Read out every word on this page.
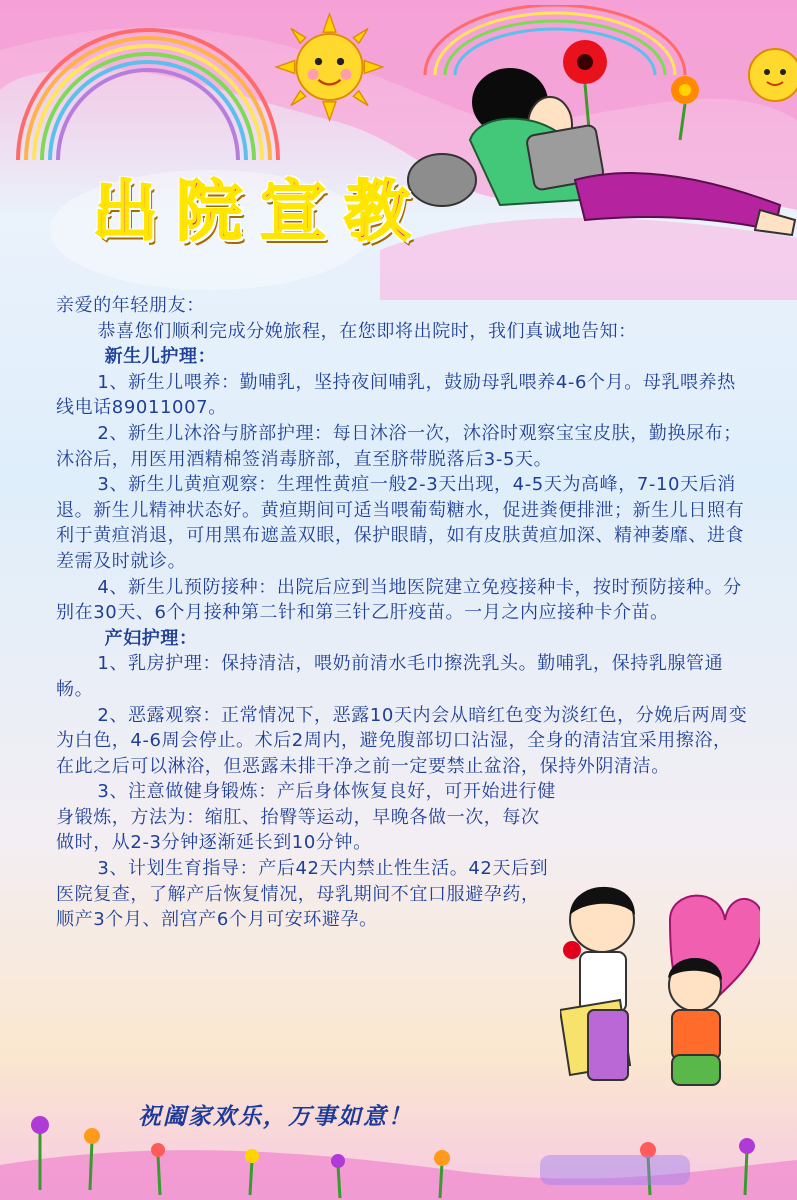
出院宣教

亲爱的年轻朋友：

恭喜您们顺利完成分娩旅程，在您即将出院时，我们真诚地告知：

新生儿护理：

1、新生儿喂养：勤哺乳，坚持夜间哺乳，鼓励母乳喂养4-6个月。母乳喂养热线电话89011007。

2、新生儿沐浴与脐部护理：每日沐浴一次，沐浴时观察宝宝皮肤，勤换尿布；沐浴后，用医用酒精棉签消毒脐部，直至脐带脱落后3-5天。

3、新生儿黄疸观察：生理性黄疸一般2-3天出现，4-5天为高峰，7-10天后消退。新生儿精神状态好。黄疸期间可适当喂葡萄糖水，促进粪便排泄；新生儿日照有利于黄疸消退，可用黑布遮盖双眼，保护眼睛，如有皮肤黄疸加深、精神萎靡、进食差需及时就诊。

4、新生儿预防接种：出院后应到当地医院建立免疫接种卡，按时预防接种。分别在30天、6个月接种第二针和第三针乙肝疫苗。一月之内应接种卡介苗。

产妇护理：

1、乳房护理：保持清洁，喂奶前清水毛巾擦洗乳头。勤哺乳，保持乳腺管通畅。

2、恶露观察：正常情况下，恶露10天内会从暗红色变为淡红色，分娩后两周变为白色，4-6周会停止。术后2周内，避免腹部切口沾湿，全身的清洁宜采用擦浴，在此之后可以淋浴，但恶露未排干净之前一定要禁止盆浴，保持外阴清洁。

3、注意做健身锻炼：产后身体恢复良好，可开始进行健身锻炼，方法为：缩肛、抬臀等运动，早晚各做一次，每次做时，从2-3分钟逐渐延长到10分钟。

3、计划生育指导：产后42天内禁止性生活。42天后到医院复查，了解产后恢复情况，母乳期间不宜口服避孕药，顺产3个月、剖宫产6个月可安环避孕。

祝阖家欢乐，万事如意！
